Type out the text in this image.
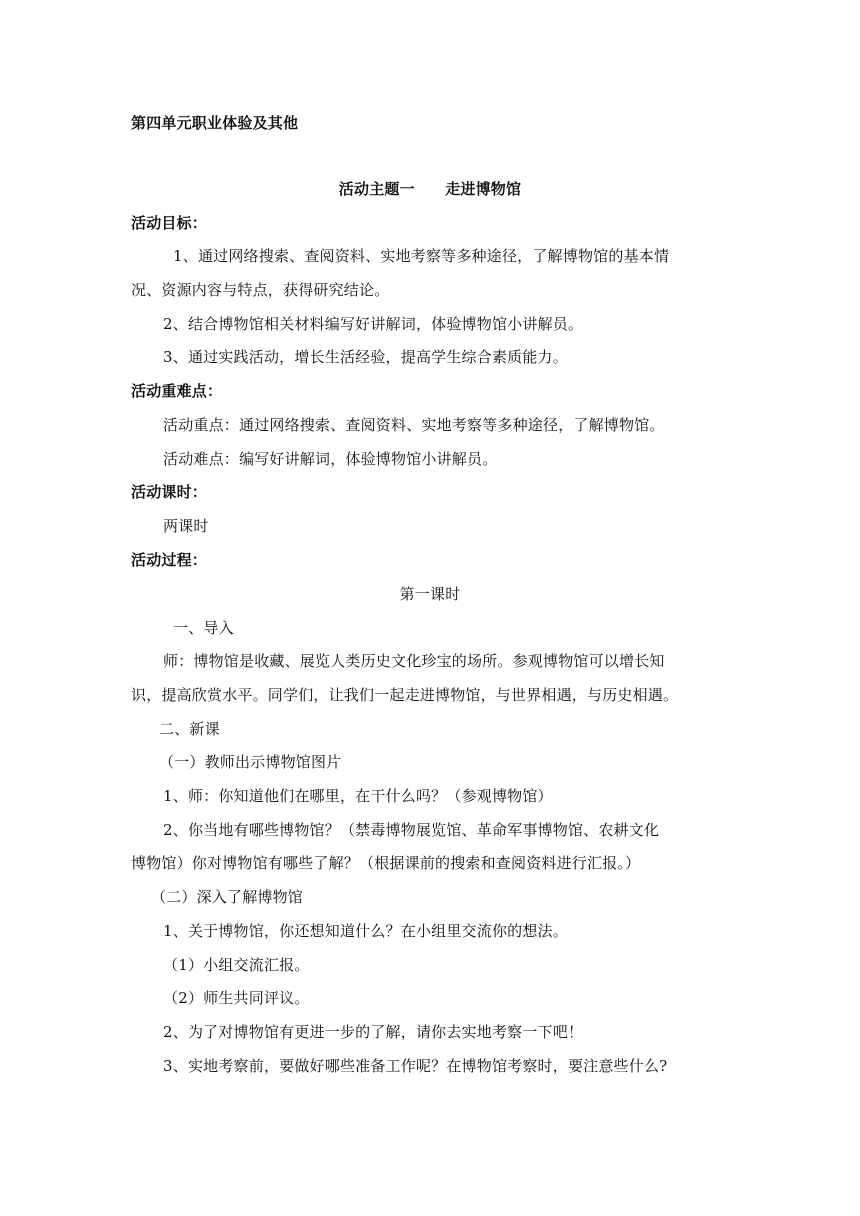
第四单元职业体验及其他
活动主题一　　走进博物馆
活动目标：
1、通过网络搜索、查阅资料、实地考察等多种途径，了解博物馆的基本情
况、资源内容与特点，获得研究结论。
2、结合博物馆相关材料编写好讲解词，体验博物馆小讲解员。
3、通过实践活动，增长生活经验，提高学生综合素质能力。
活动重难点：
活动重点：通过网络搜索、查阅资料、实地考察等多种途径，了解博物馆。
活动难点：编写好讲解词，体验博物馆小讲解员。
活动课时：
两课时
活动过程：
第一课时
一、导入
师：博物馆是收藏、展览人类历史文化珍宝的场所。参观博物馆可以增长知
识，提高欣赏水平。同学们，让我们一起走进博物馆，与世界相遇，与历史相遇。
二、新课
（一）教师出示博物馆图片
1、师：你知道他们在哪里，在干什么吗？（参观博物馆）
2、你当地有哪些博物馆？（禁毒博物展览馆、革命军事博物馆、农耕文化
博物馆）你对博物馆有哪些了解？（根据课前的搜索和查阅资料进行汇报。）
（二）深入了解博物馆
1、关于博物馆，你还想知道什么？在小组里交流你的想法。
（1）小组交流汇报。
（2）师生共同评议。
2、为了对博物馆有更进一步的了解，请你去实地考察一下吧！
3、实地考察前，要做好哪些准备工作呢？在博物馆考察时，要注意些什么?
